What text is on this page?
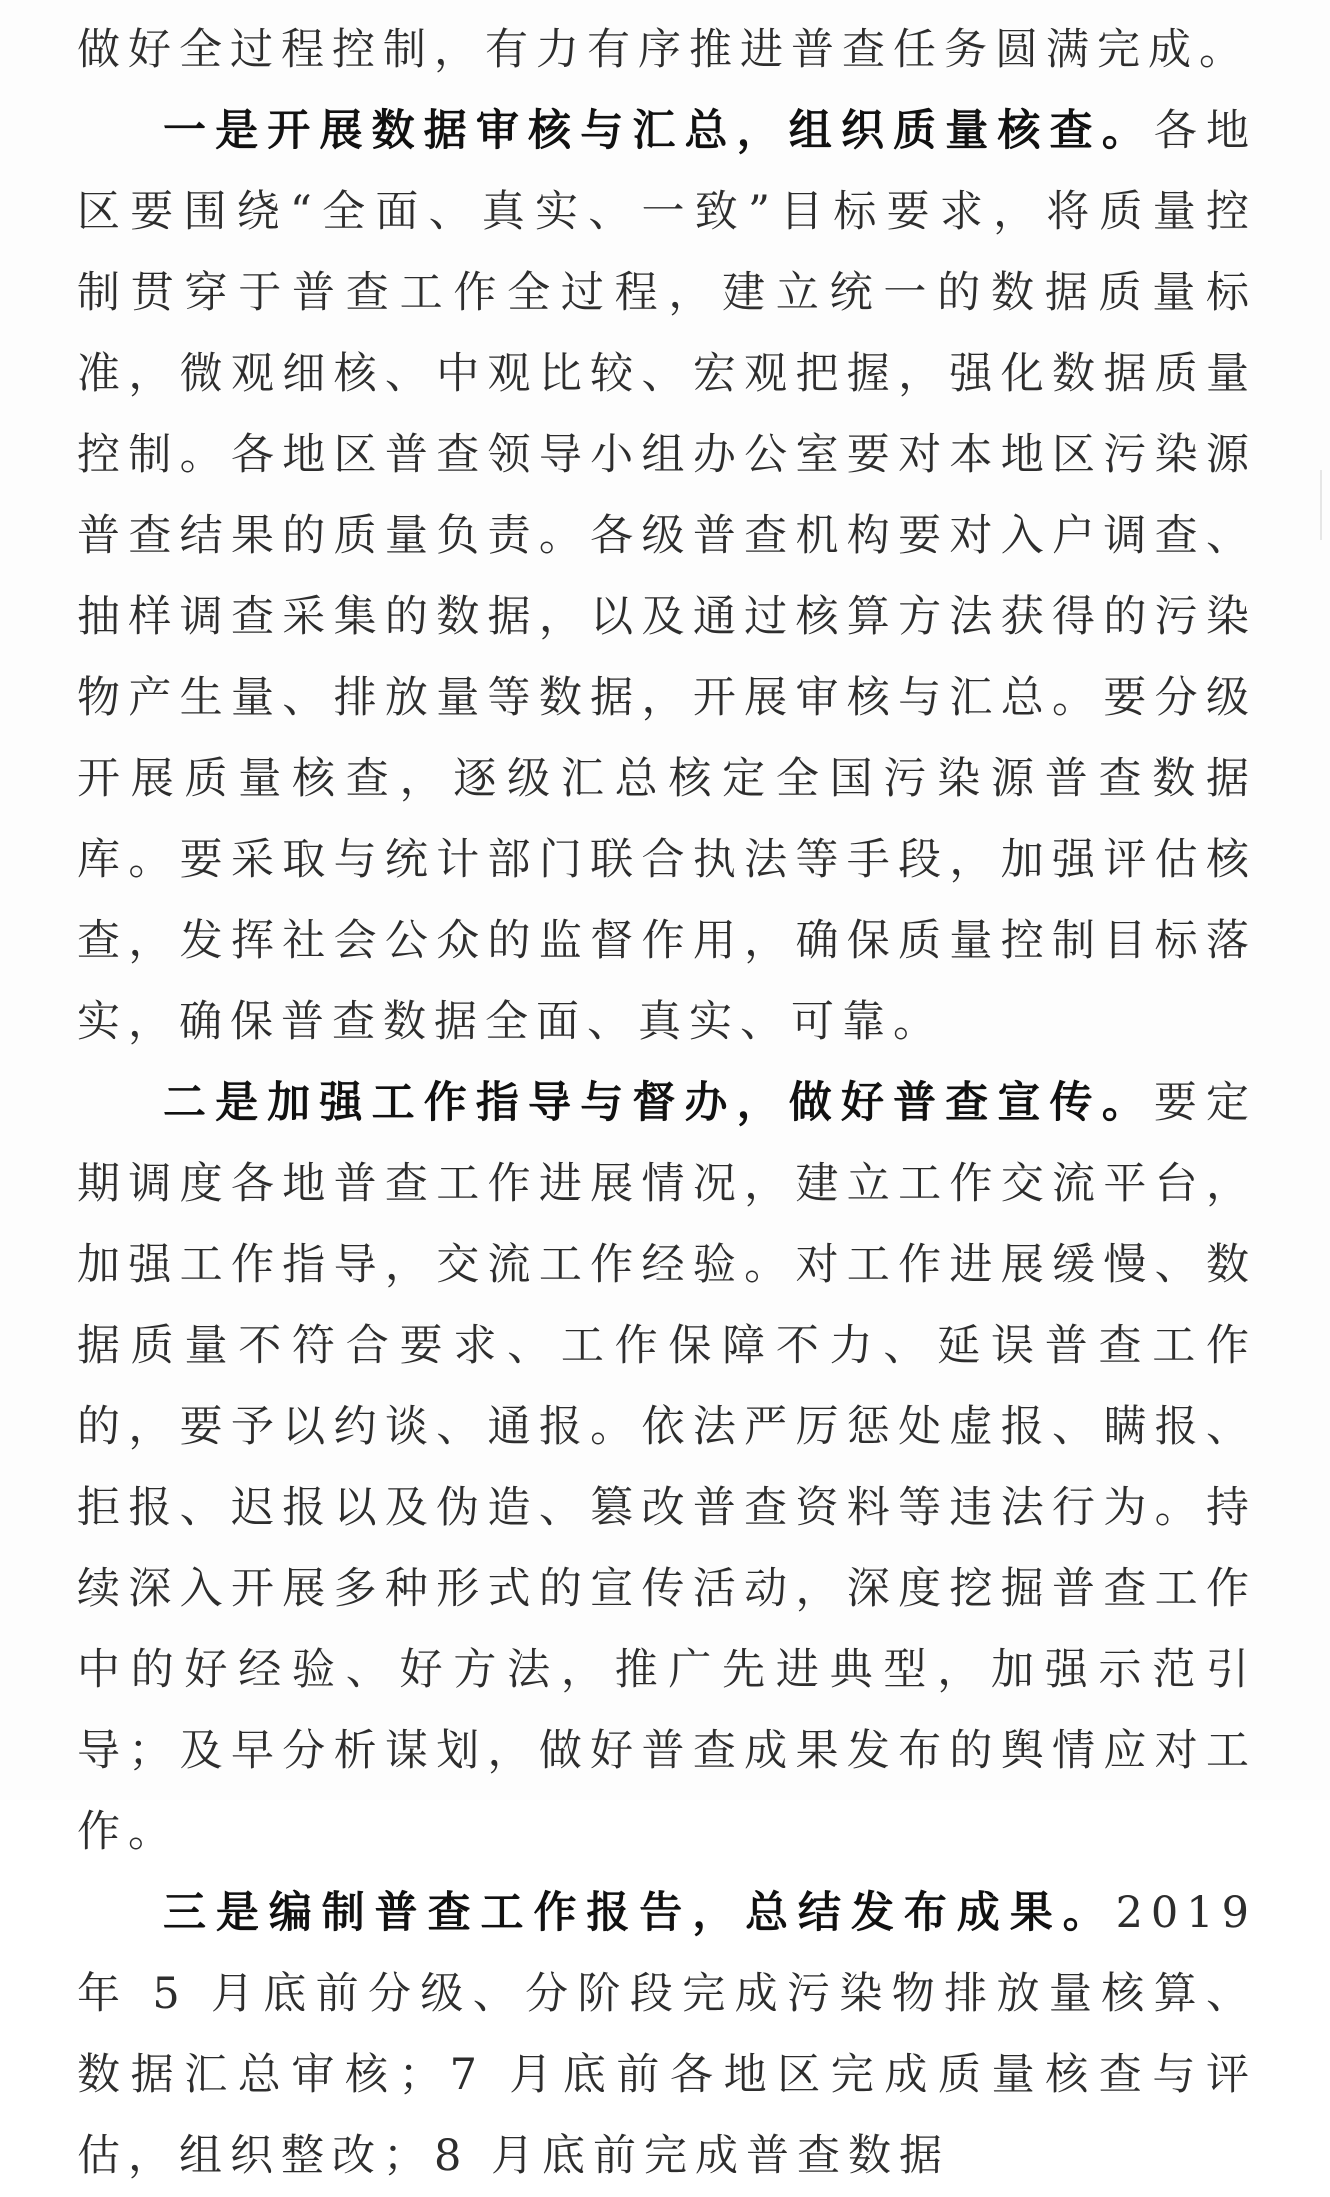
做好全过程控制，有力有序推进普查任务圆满完成。

一是开展数据审核与汇总，组织质量核查。各地区要围绕“全面、真实、一致”目标要求，将质量控制贯穿于普查工作全过程，建立统一的数据质量标准，微观细核、中观比较、宏观把握，强化数据质量控制。各地区普查领导小组办公室要对本地区污染源普查结果的质量负责。各级普查机构要对入户调查、抽样调查采集的数据，以及通过核算方法获得的污染物产生量、排放量等数据，开展审核与汇总。要分级开展质量核查，逐级汇总核定全国污染源普查数据库。要采取与统计部门联合执法等手段，加强评估核查，发挥社会公众的监督作用，确保质量控制目标落实，确保普查数据全面、真实、可靠。

二是加强工作指导与督办，做好普查宣传。要定期调度各地普查工作进展情况，建立工作交流平台，加强工作指导，交流工作经验。对工作进展缓慢、数据质量不符合要求、工作保障不力、延误普查工作的，要予以约谈、通报。依法严厉惩处虚报、瞒报、拒报、迟报以及伪造、篡改普查资料等违法行为。持续深入开展多种形式的宣传活动，深度挖掘普查工作中的好经验、好方法，推广先进典型，加强示范引导；及早分析谋划，做好普查成果发布的舆情应对工作。

三是编制普查工作报告，总结发布成果。2019 年 5 月底前分级、分阶段完成污染物排放量核算、数据汇总审核；7 月底前各地区完成质量核查与评估，组织整改；8 月底前完成普查数据
